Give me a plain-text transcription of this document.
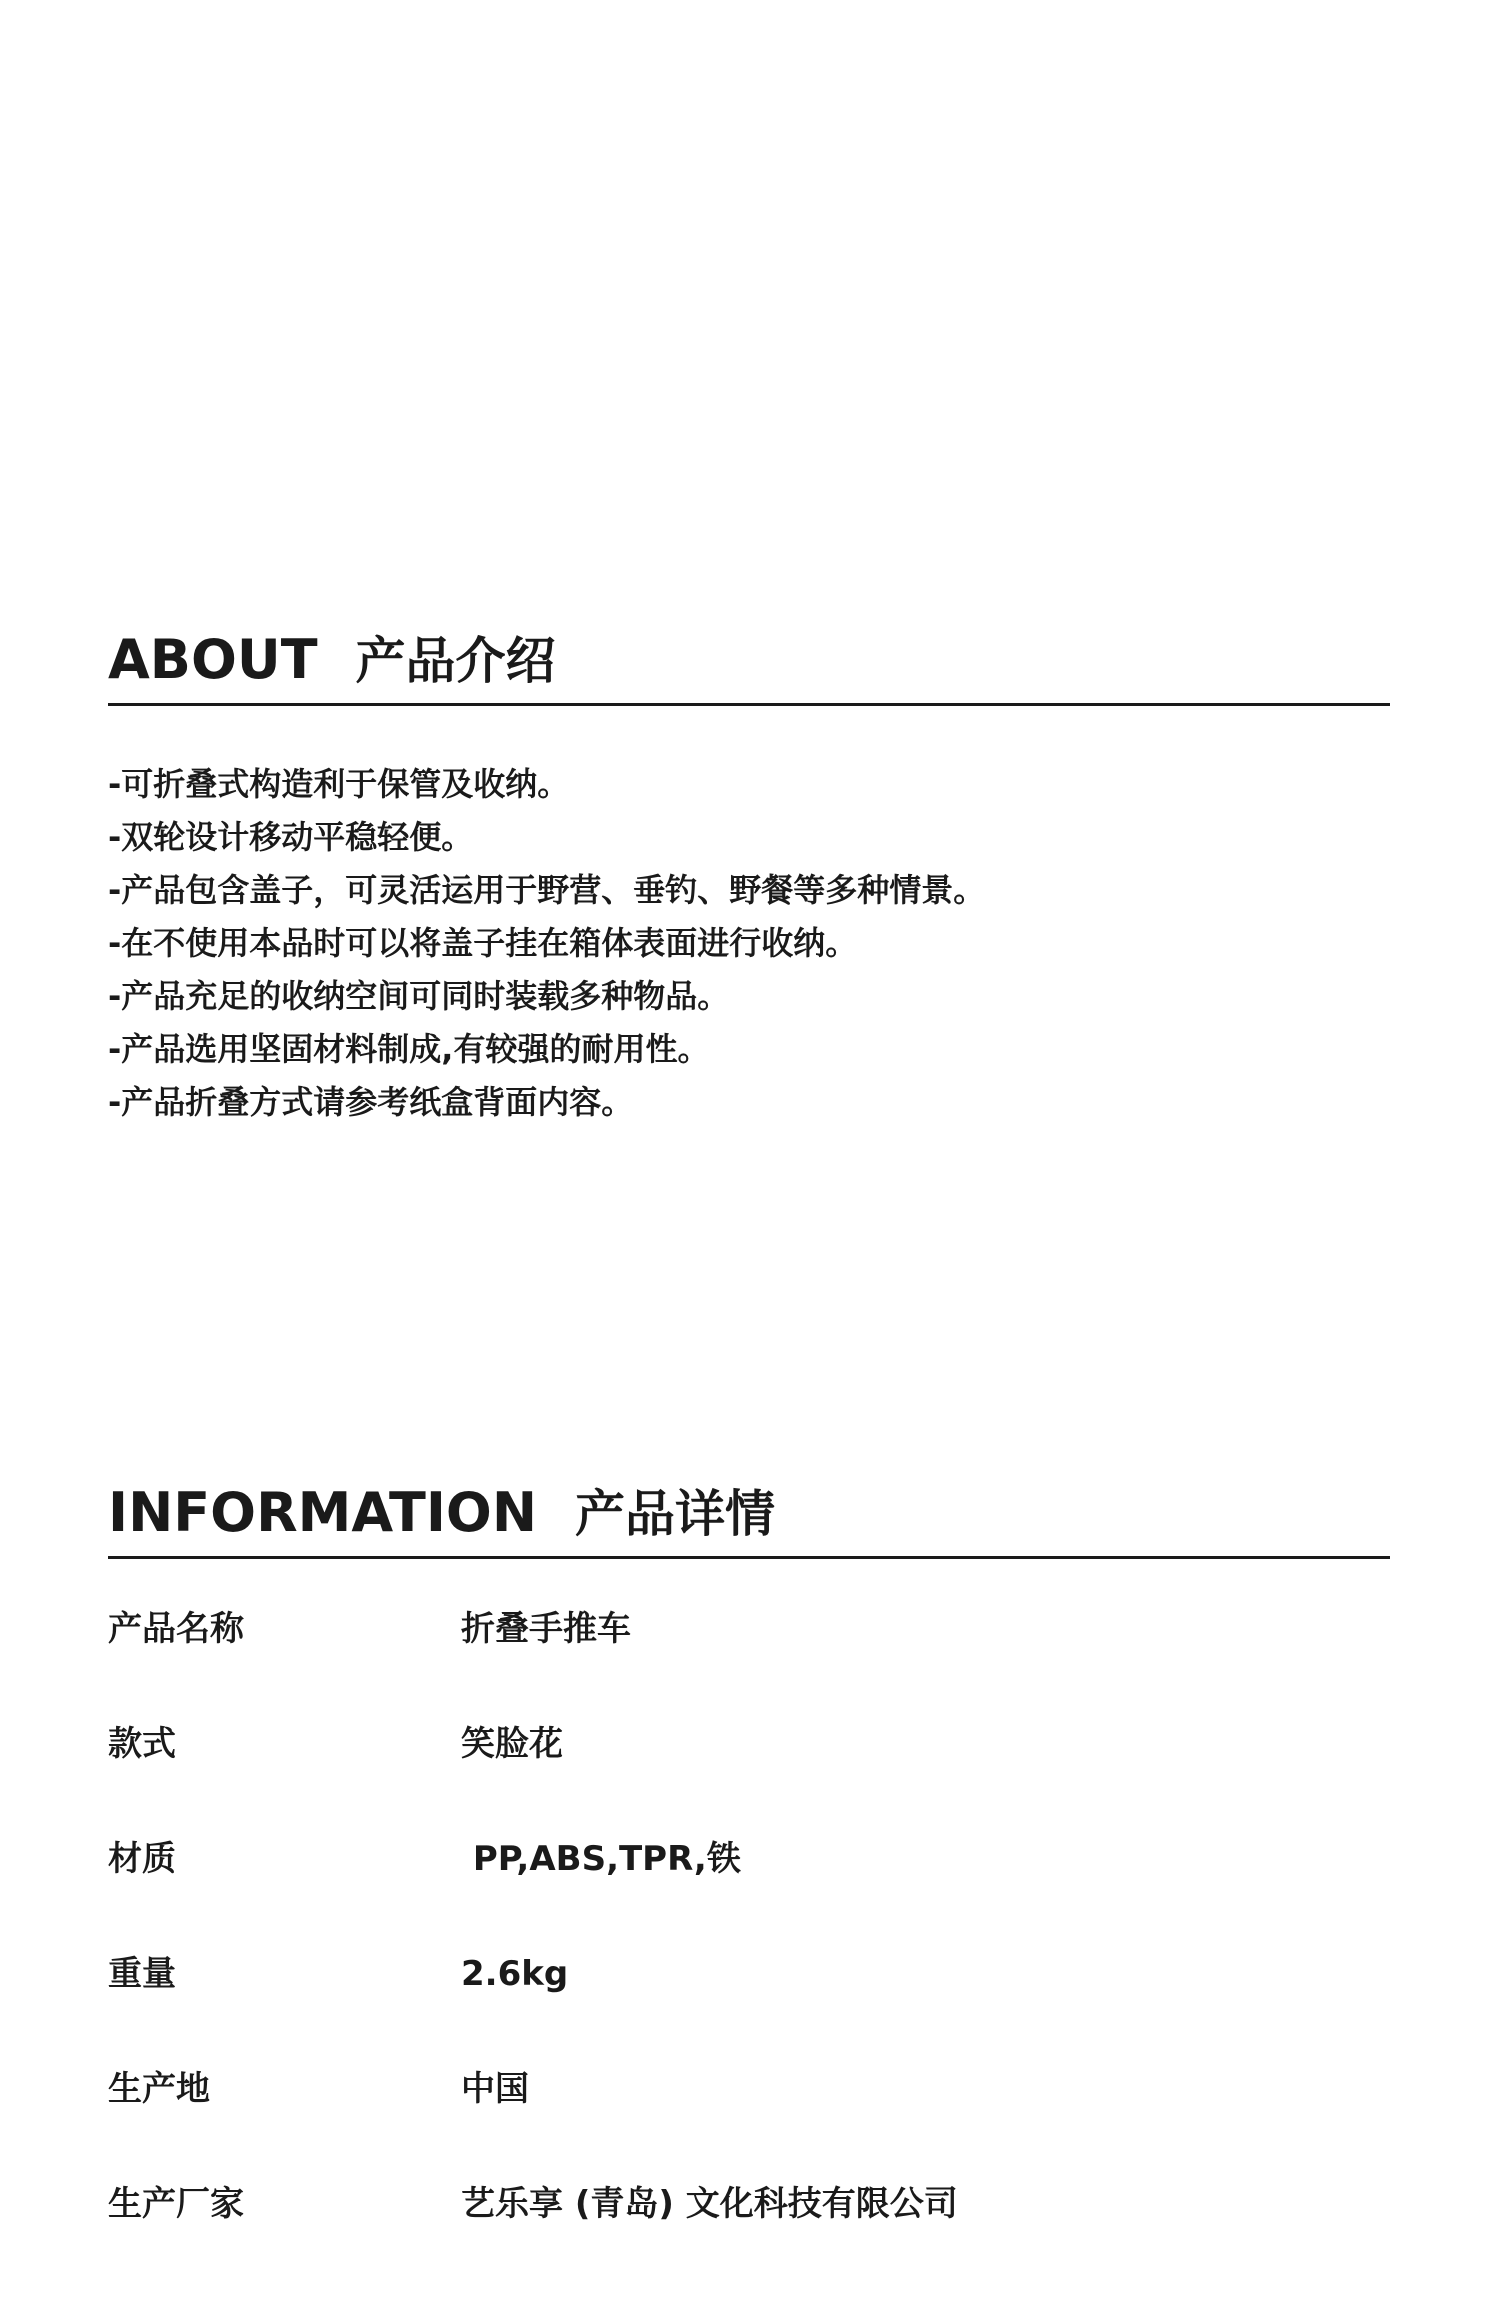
ABOUT 产品介绍
-可折叠式构造利于保管及收纳。
-双轮设计移动平稳轻便。
-产品包含盖子，可灵活运用于野营、垂钓、野餐等多种情景。
-在不使用本品时可以将盖子挂在箱体表面进行收纳。
-产品充足的收纳空间可同时装载多种物品。
-产品选用坚固材料制成,有较强的耐用性。
-产品折叠方式请参考纸盒背面内容。
INFORMATION 产品详情
产品名称	折叠手推车
款式	笑脸花
材质	PP,ABS,TPR,铁
重量	2.6kg
生产地	中国
生产厂家	艺乐享 (青岛) 文化科技有限公司
